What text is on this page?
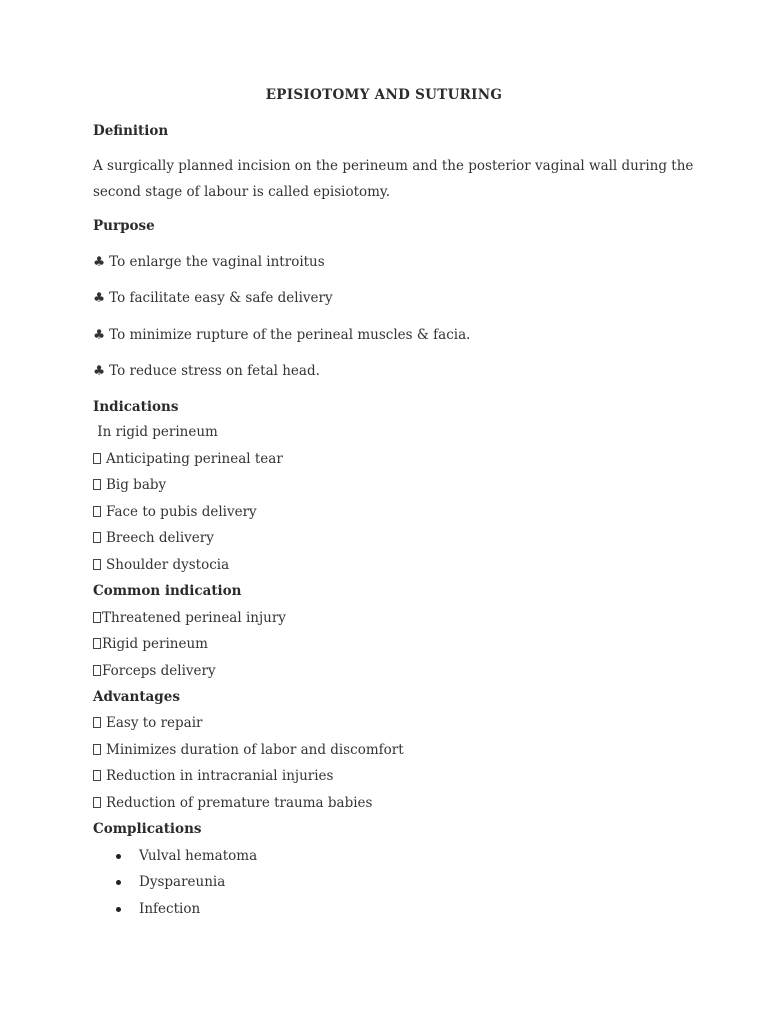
EPISIOTOMY AND SUTURING
Definition
A surgically planned incision on the perineum and the posterior vaginal wall during the
second stage of labour is called episiotomy.
Purpose
♣ To enlarge the vaginal introitus
♣ To facilitate easy & safe delivery
♣ To minimize rupture of the perineal muscles & facia.
♣ To reduce stress on fetal head.
Indications
In rigid perineum
Anticipating perineal tear
Big baby
Face to pubis delivery
Breech delivery
Shoulder dystocia
Common indication
Threatened perineal injury
Rigid perineum
Forceps delivery
Advantages
Easy to repair
Minimizes duration of labor and discomfort
Reduction in intracranial injuries
Reduction of premature trauma babies
Complications
Vulval hematoma
Dyspareunia
Infection
